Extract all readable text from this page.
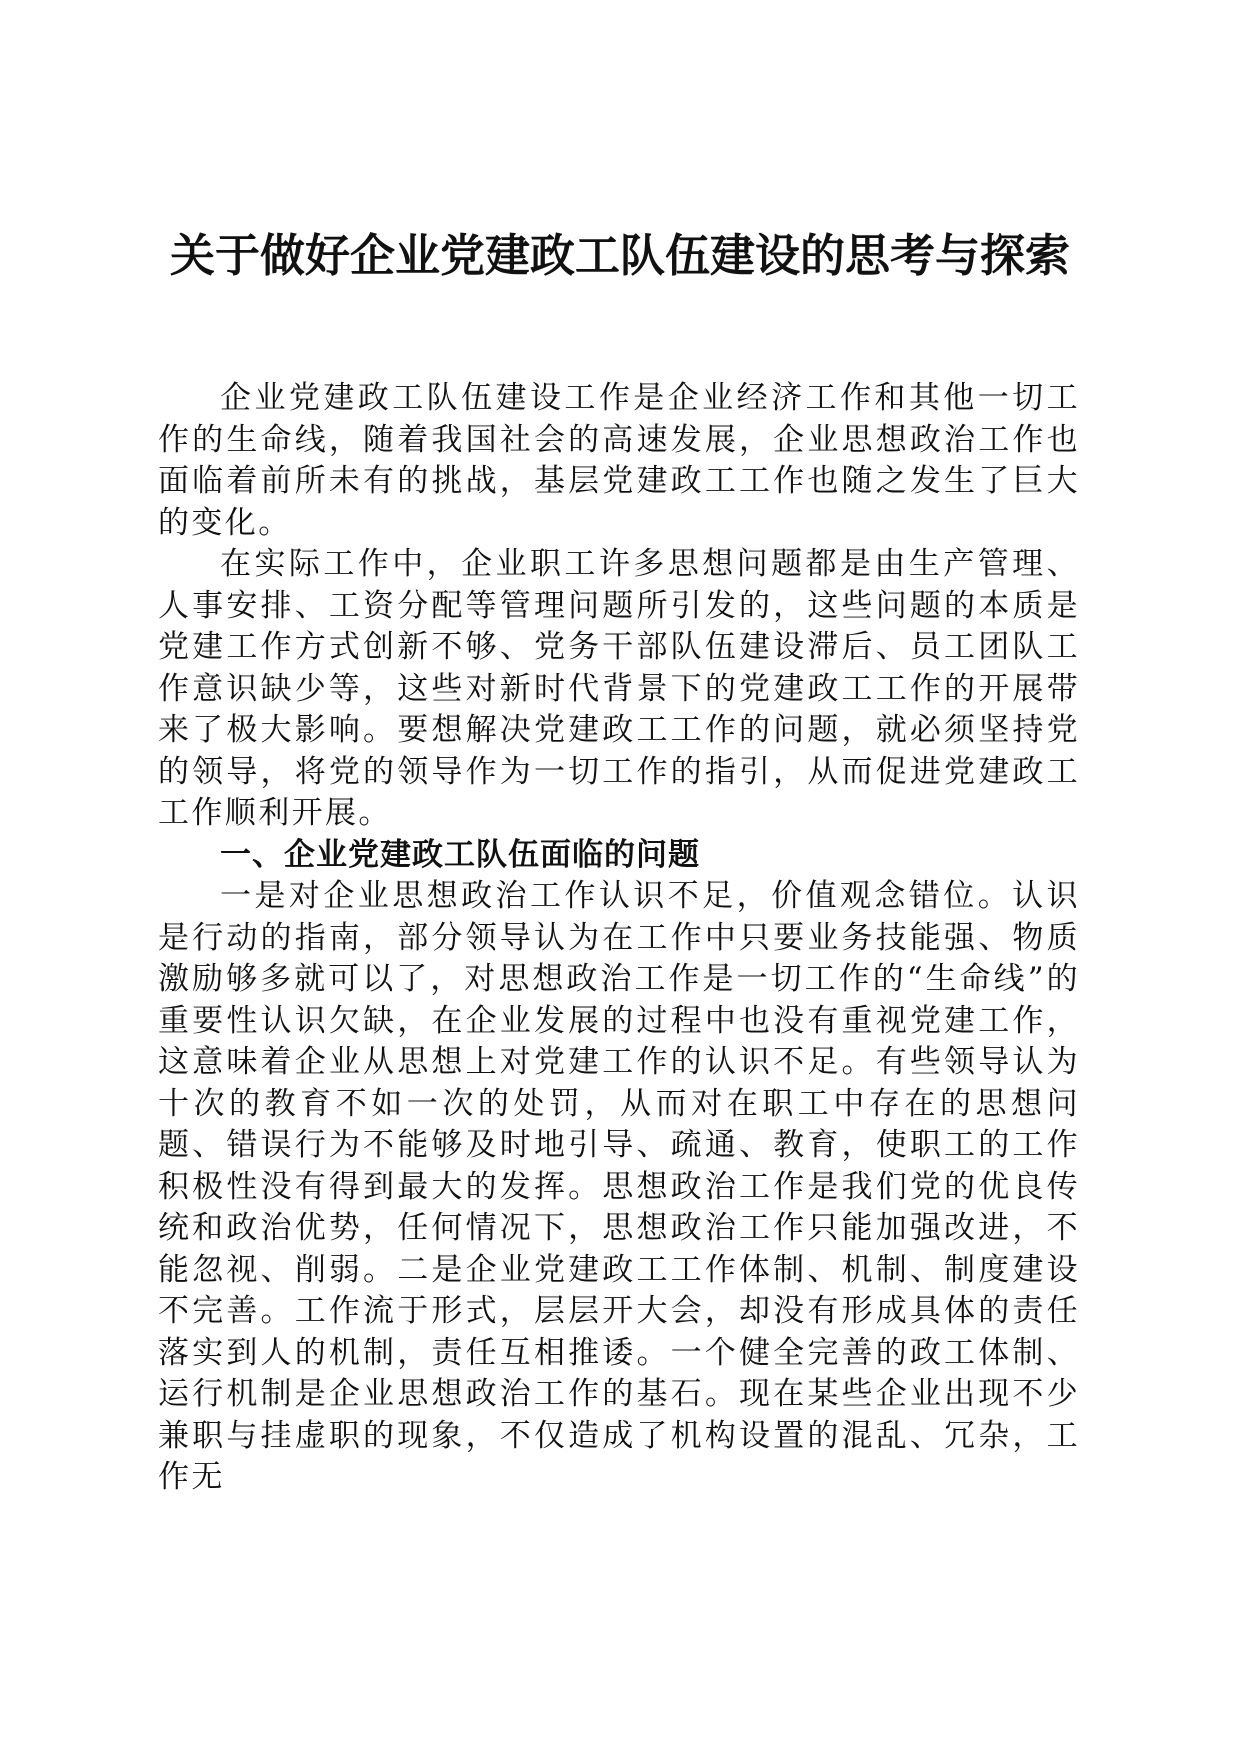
关于做好企业党建政工队伍建设的思考与探索

企业党建政工队伍建设工作是企业经济工作和其他一切工作的生命线，随着我国社会的高速发展，企业思想政治工作也面临着前所未有的挑战，基层党建政工工作也随之发生了巨大的变化。

在实际工作中，企业职工许多思想问题都是由生产管理、人事安排、工资分配等管理问题所引发的，这些问题的本质是党建工作方式创新不够、党务干部队伍建设滞后、员工团队工作意识缺少等，这些对新时代背景下的党建政工工作的开展带来了极大影响。要想解决党建政工工作的问题，就必须坚持党的领导，将党的领导作为一切工作的指引，从而促进党建政工工作顺利开展。

一、企业党建政工队伍面临的问题

一是对企业思想政治工作认识不足，价值观念错位。认识是行动的指南，部分领导认为在工作中只要业务技能强、物质激励够多就可以了，对思想政治工作是一切工作的“生命线”的重要性认识欠缺，在企业发展的过程中也没有重视党建工作，这意味着企业从思想上对党建工作的认识不足。有些领导认为十次的教育不如一次的处罚，从而对在职工中存在的思想问题、错误行为不能够及时地引导、疏通、教育，使职工的工作积极性没有得到最大的发挥。思想政治工作是我们党的优良传统和政治优势，任何情况下，思想政治工作只能加强改进，不能忽视、削弱。二是企业党建政工工作体制、机制、制度建设不完善。工作流于形式，层层开大会，却没有形成具体的责任落实到人的机制，责任互相推诿。一个健全完善的政工体制、运行机制是企业思想政治工作的基石。现在某些企业出现不少兼职与挂虚职的现象，不仅造成了机构设置的混乱、冗杂，工作无
